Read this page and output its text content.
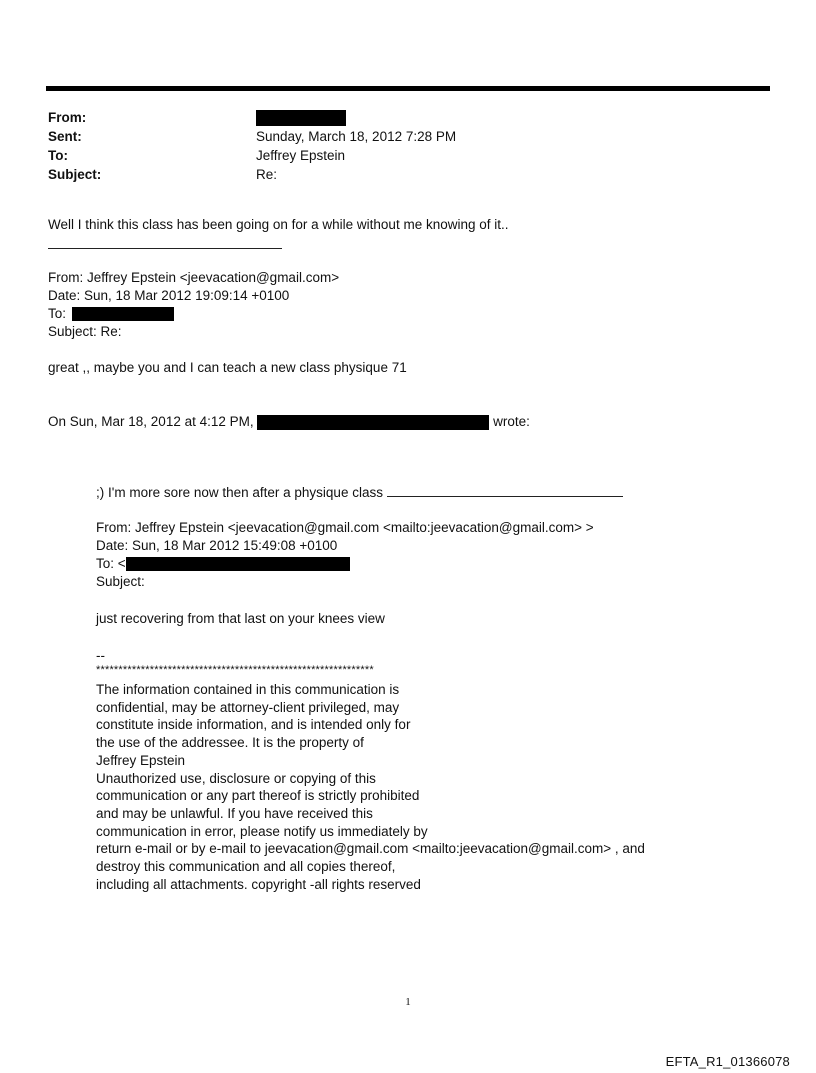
From:
Sent:	Sunday, March 18, 2012 7:28 PM
To:	Jeffrey Epstein
Subject:	Re:
Well I think this class has been going on for a while without me knowing of it..
From: Jeffrey Epstein <jeevacation@gmail.com>
Date: Sun, 18 Mar 2012 19:09:14 +0100
To:
Subject: Re:
great ,, maybe you and I can teach a new class physique 71
On Sun, Mar 18, 2012 at 4:12 PM,	wrote:
;) I'm more sore now then after a physique class
From: Jeffrey Epstein <jeevacation@gmail.com <mailto:jeevacation@gmail.com> >
Date: Sun, 18 Mar 2012 15:49:08 +0100
To: <
Subject:
just recovering from that last on your knees view
--
**************************************************************
The information contained in this communication is
confidential, may be attorney-client privileged, may
constitute inside information, and is intended only for
the use of the addressee. It is the property of
Jeffrey Epstein
Unauthorized use, disclosure or copying of this
communication or any part thereof is strictly prohibited
and may be unlawful. If you have received this
communication in error, please notify us immediately by
return e-mail or by e-mail to jeevacation@gmail.com <mailto:jeevacation@gmail.com> , and
destroy this communication and all copies thereof,
including all attachments. copyright -all rights reserved
1
EFTA_R1_01366078
